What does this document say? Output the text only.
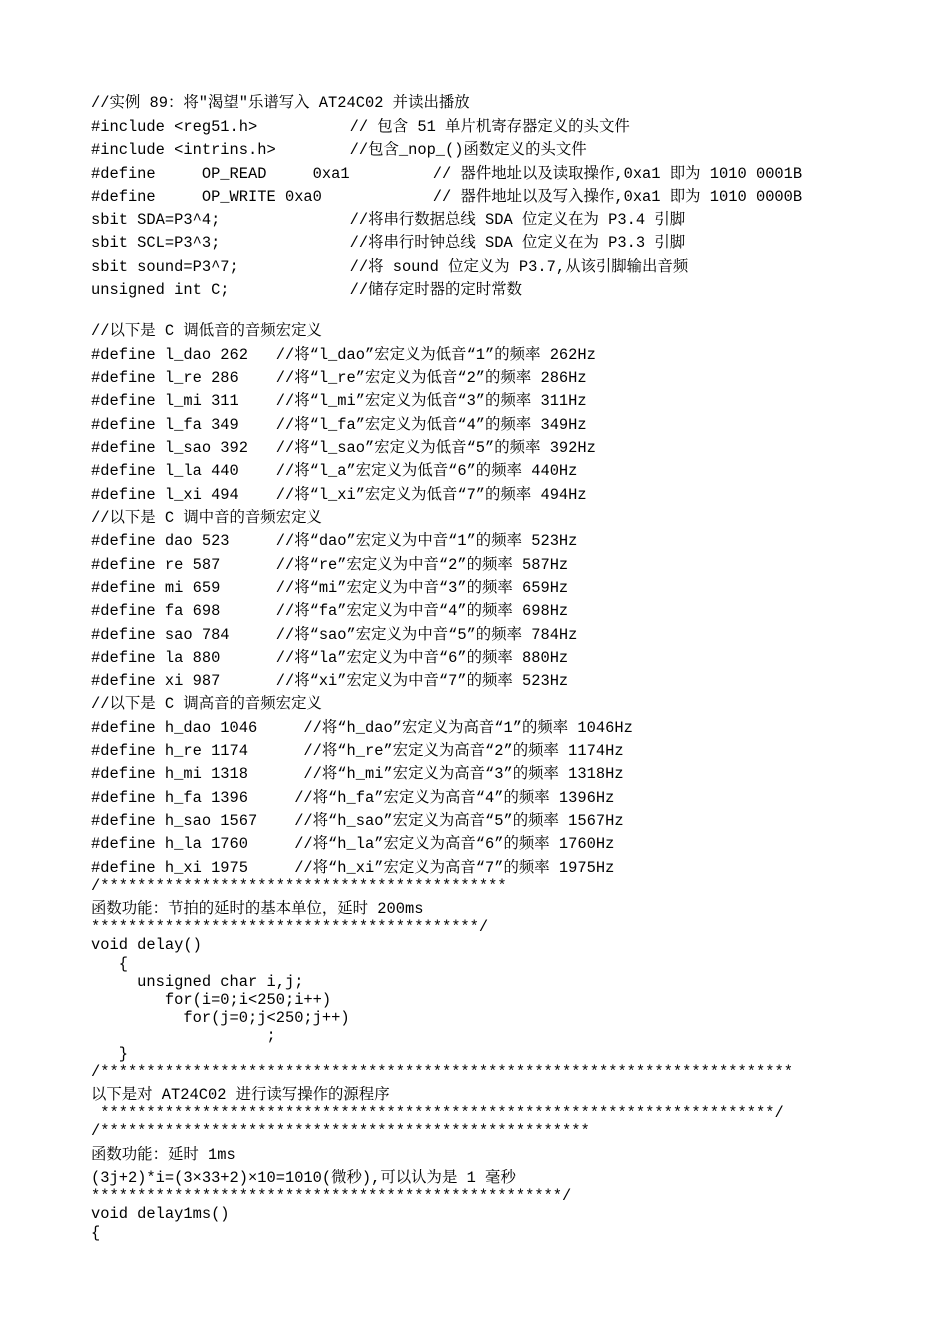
//实例 89：将"渴望"乐谱写入 AT24C02 并读出播放

#include <reg51.h>          // 包含 51 单片机寄存器定义的头文件

#include <intrins.h>        //包含_nop_()函数定义的头文件

#define     OP_READ     0xa1         // 器件地址以及读取操作,0xa1 即为 1010 0001B

#define     OP_WRITE 0xa0            // 器件地址以及写入操作,0xa1 即为 1010 0000B

sbit SDA=P3^4;              //将串行数据总线 SDA 位定义在为 P3.4 引脚

sbit SCL=P3^3;              //将串行时钟总线 SDA 位定义在为 P3.3 引脚

sbit sound=P3^7;            //将 sound 位定义为 P3.7,从该引脚输出音频

unsigned int C;             //储存定时器的定时常数

//以下是 C 调低音的音频宏定义

#define l_dao 262   //将“l_dao”宏定义为低音“1”的频率 262Hz

#define l_re 286    //将“l_re”宏定义为低音“2”的频率 286Hz

#define l_mi 311    //将“l_mi”宏定义为低音“3”的频率 311Hz

#define l_fa 349    //将“l_fa”宏定义为低音“4”的频率 349Hz

#define l_sao 392   //将“l_sao”宏定义为低音“5”的频率 392Hz

#define l_la 440    //将“l_a”宏定义为低音“6”的频率 440Hz

#define l_xi 494    //将“l_xi”宏定义为低音“7”的频率 494Hz

//以下是 C 调中音的音频宏定义

#define dao 523     //将“dao”宏定义为中音“1”的频率 523Hz

#define re 587      //将“re”宏定义为中音“2”的频率 587Hz

#define mi 659      //将“mi”宏定义为中音“3”的频率 659Hz

#define fa 698      //将“fa”宏定义为中音“4”的频率 698Hz

#define sao 784     //将“sao”宏定义为中音“5”的频率 784Hz

#define la 880      //将“la”宏定义为中音“6”的频率 880Hz

#define xi 987      //将“xi”宏定义为中音“7”的频率 523Hz

//以下是 C 调高音的音频宏定义

#define h_dao 1046     //将“h_dao”宏定义为高音“1”的频率 1046Hz

#define h_re 1174      //将“h_re”宏定义为高音“2”的频率 1174Hz

#define h_mi 1318      //将“h_mi”宏定义为高音“3”的频率 1318Hz

#define h_fa 1396     //将“h_fa”宏定义为高音“4”的频率 1396Hz

#define h_sao 1567    //将“h_sao”宏定义为高音“5”的频率 1567Hz

#define h_la 1760     //将“h_la”宏定义为高音“6”的频率 1760Hz

#define h_xi 1975     //将“h_xi”宏定义为高音“7”的频率 1975Hz

/********************************************

函数功能：节拍的延时的基本单位，延时 200ms

******************************************/

void delay()

{

unsigned char i,j;

for(i=0;i<250;i++)

for(j=0;j<250;j++)

;

}

/***************************************************************************

以下是对 AT24C02 进行读写操作的源程序

*************************************************************************/

/*****************************************************

函数功能：延时 1ms

(3j+2)*i=(3×33+2)×10=1010(微秒),可以认为是 1 毫秒

***************************************************/

void delay1ms()

{
